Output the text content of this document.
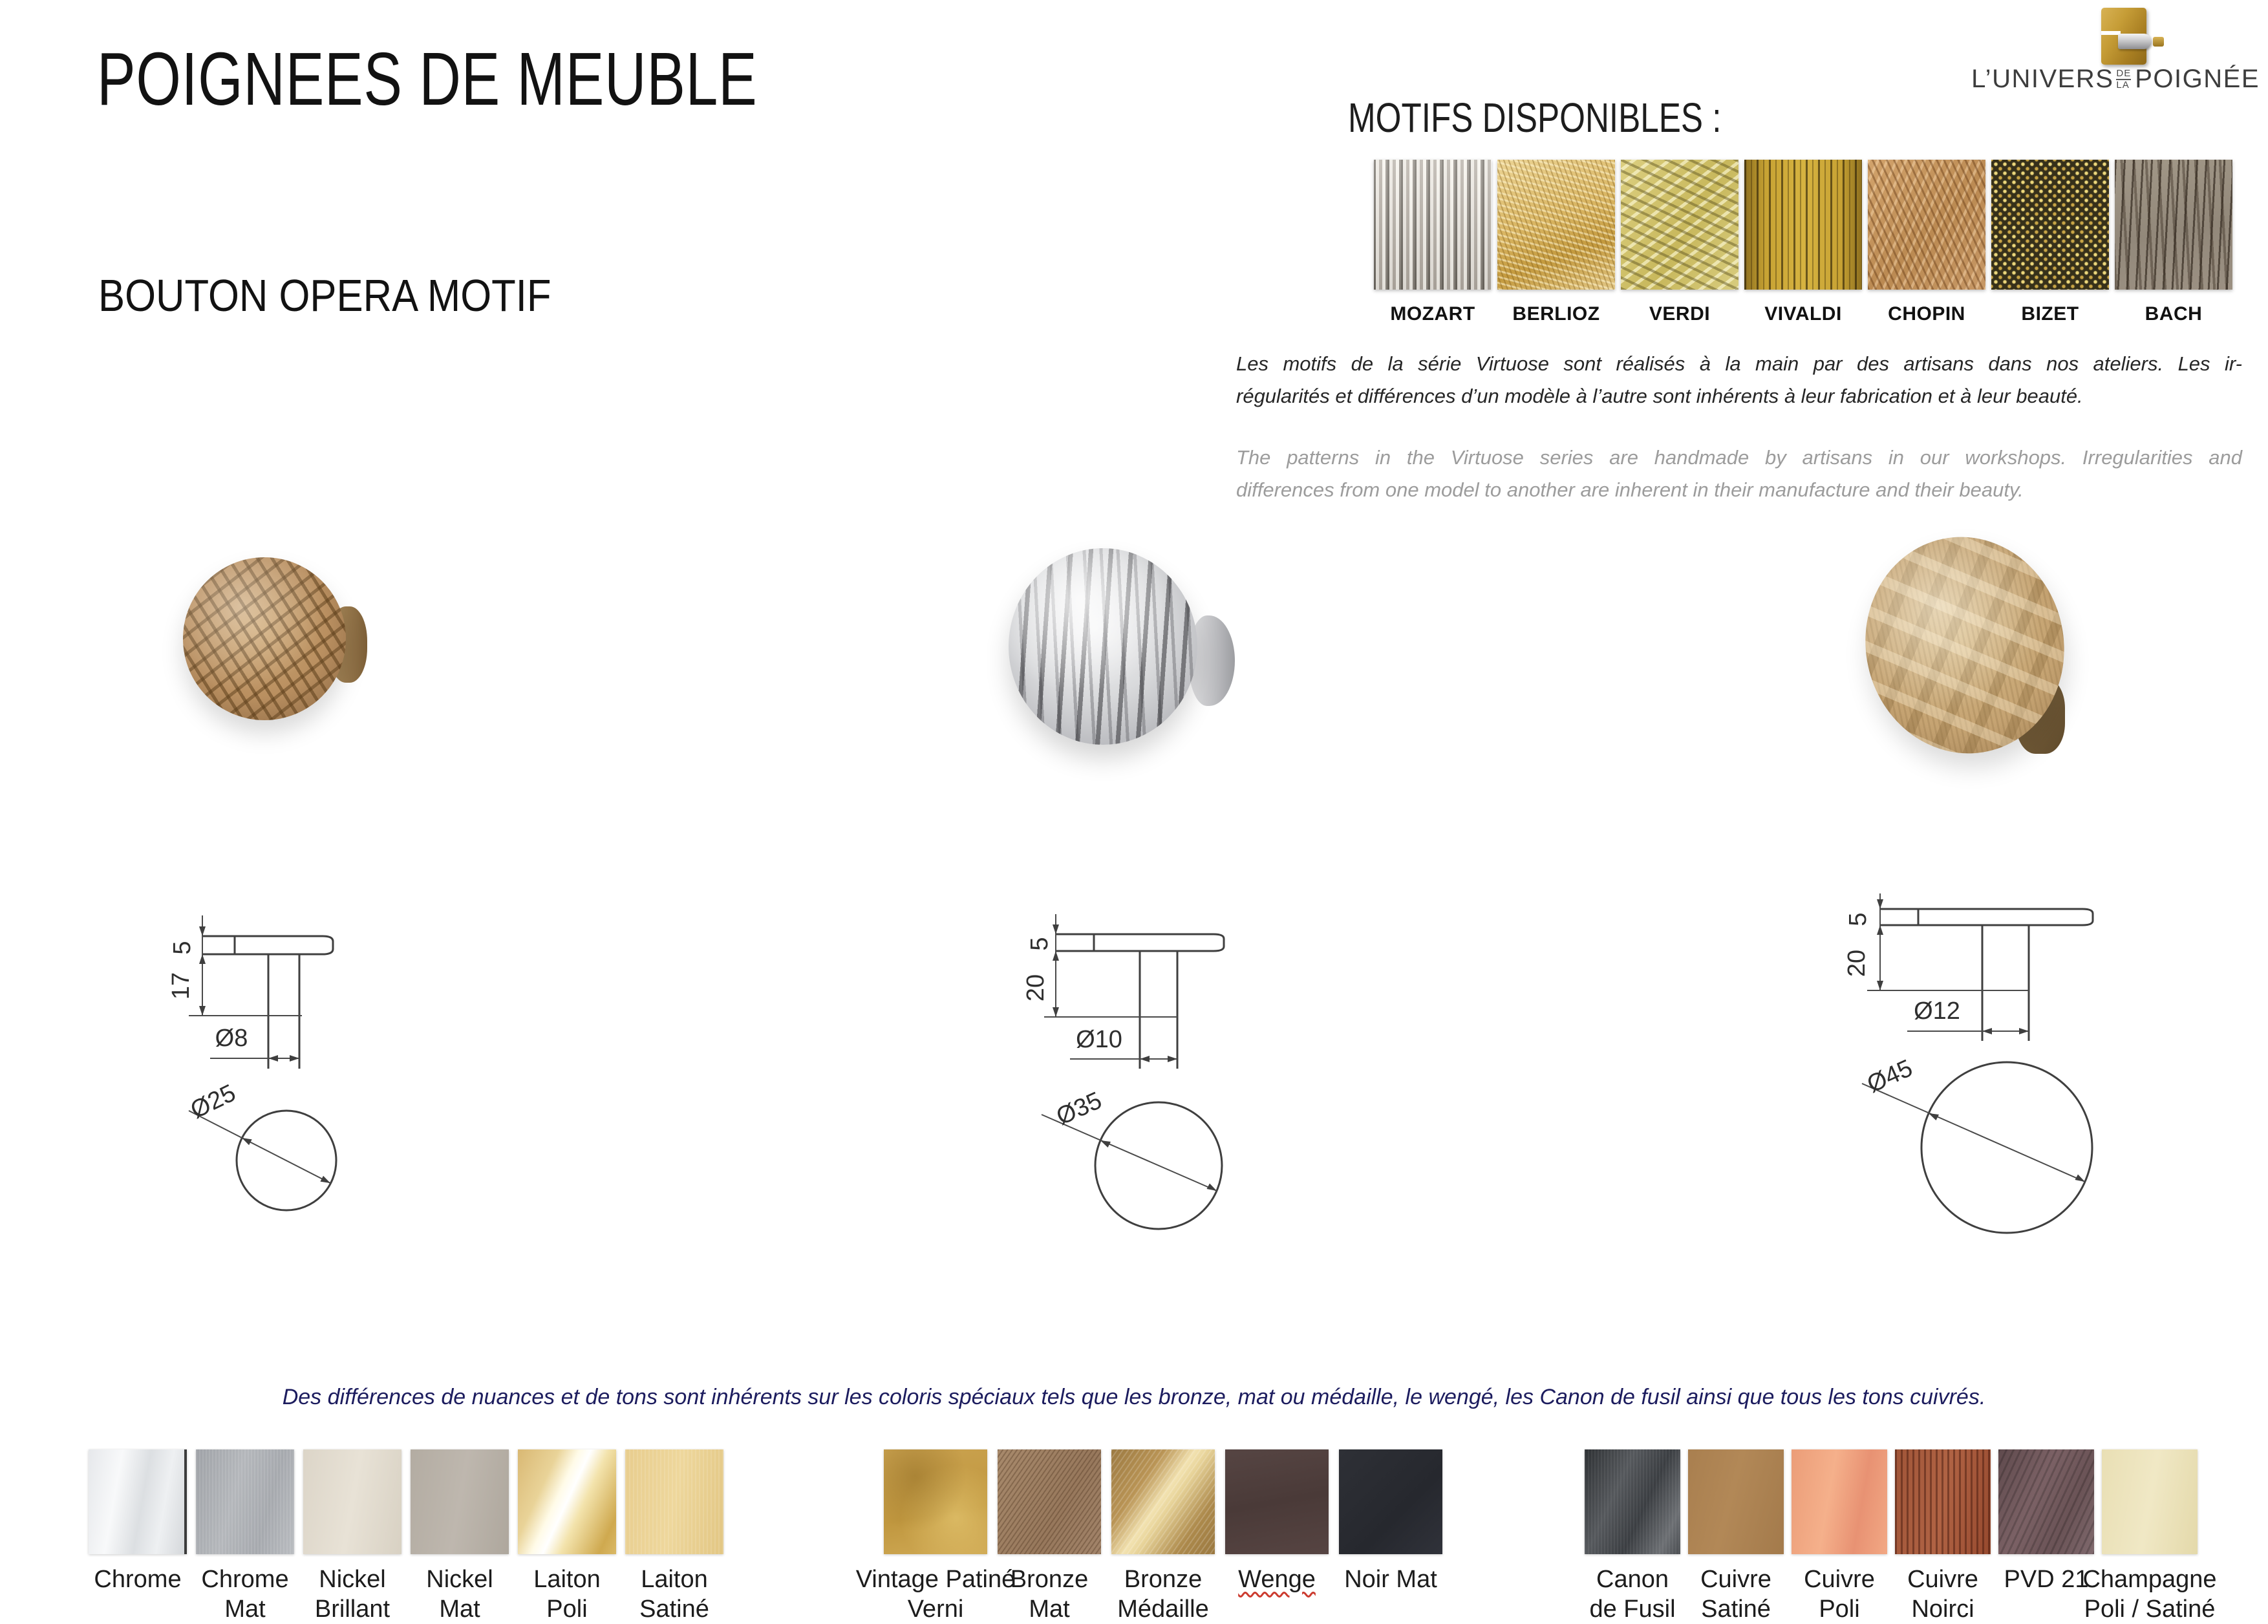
POIGNEES DE MEUBLE
BOUTON OPERA MOTIF
L’UNIVERS DE
LA POIGNÉE
MOTIFS DISPONIBLES :
MOZART BERLIOZ	VERDI	VIVALDI CHOPIN	BIZET	BACH
Les motifs de la série Virtuose sont réalisés à la main par des artisans dans nos ateliers. Les ir-
régularités et différences d’un modèle à l’autre sont inhérents à leur fabrication et à leur beauté.
The patterns in the Virtuose series are handmade by artisans in our workshops. Irregularities and
differences from one model to another are inherent in their manufacture and their beauty.
5
17
Ø8
Ø25
5
20
Ø10
Ø35
5
20
Ø12
Ø45
Des différences de nuances et de tons sont inhérents sur les coloris spéciaux tels que les bronze, mat ou médaille, le wengé, les Canon de fusil ainsi que tous les tons cuivrés.
Chrome Chrome
Mat
Nickel
Brillant
Nickel
Mat
Laiton
Poli
Laiton
Satiné
Vintage Patiné
Verni
Bronze
Mat
Bronze
Médaille
Wenge Noir Mat	Canon
de Fusil
Cuivre
Satiné
Cuivre
Poli
Cuivre
Noirci
PVD 21
Champagne
Poli / Satiné
